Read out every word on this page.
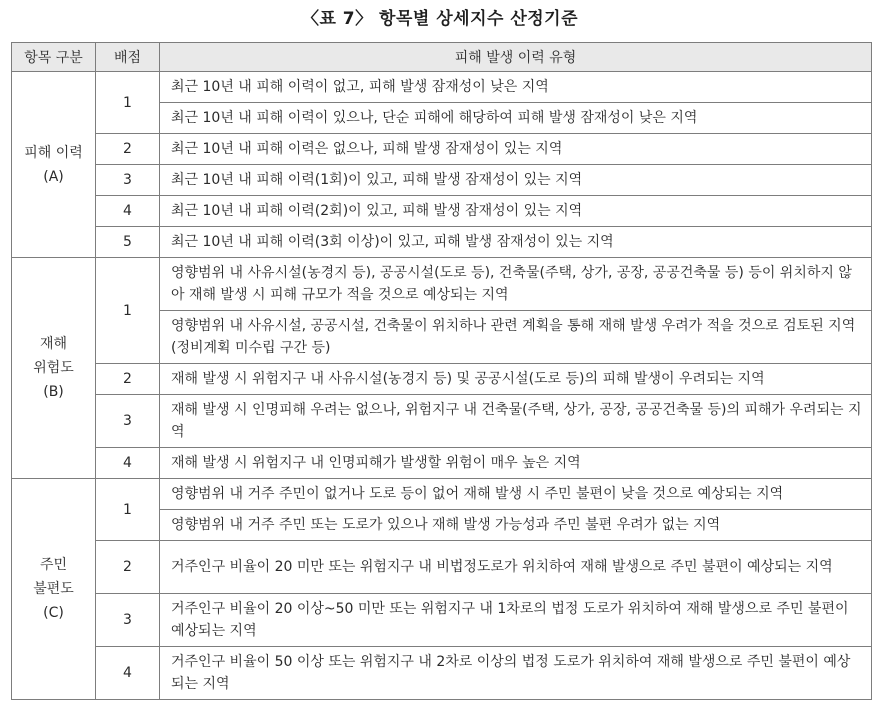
〈표 7〉 항목별 상세지수 산정기준
항목 구분	배점	피해 발생 이력 유형

피해 이력
(A)	1	최근 10년 내 피해 이력이 없고, 피해 발생 잠재성이 낮은 지역
		최근 10년 내 피해 이력이 있으나, 단순 피해에 해당하여 피해 발생 잠재성이 낮은 지역
	2	최근 10년 내 피해 이력은 없으나, 피해 발생 잠재성이 있는 지역
	3	최근 10년 내 피해 이력(1회)이 있고, 피해 발생 잠재성이 있는 지역
	4	최근 10년 내 피해 이력(2회)이 있고, 피해 발생 잠재성이 있는 지역
	5	최근 10년 내 피해 이력(3회 이상)이 있고, 피해 발생 잠재성이 있는 지역

재해
위험도
(B)	1	영향범위 내 사유시설(농경지 등), 공공시설(도로 등), 건축물(주택, 상가, 공장, 공공건축물 등) 등이 위치하지 않아 재해 발생 시 피해 규모가 적을 것으로 예상되는 지역
		영향범위 내 사유시설, 공공시설, 건축물이 위치하나 관련 계획을 통해 재해 발생 우려가 적을 것으로 검토된 지역(정비계획 미수립 구간 등)
	2	재해 발생 시 위험지구 내 사유시설(농경지 등) 및 공공시설(도로 등)의 피해 발생이 우려되는 지역
	3	재해 발생 시 인명피해 우려는 없으나, 위험지구 내 건축물(주택, 상가, 공장, 공공건축물 등)의 피해가 우려되는 지역
	4	재해 발생 시 위험지구 내 인명피해가 발생할 위험이 매우 높은 지역

주민
불편도
(C)	1	영향범위 내 거주 주민이 없거나 도로 등이 없어 재해 발생 시 주민 불편이 낮을 것으로 예상되는 지역
		영향범위 내 거주 주민 또는 도로가 있으나 재해 발생 가능성과 주민 불편 우려가 없는 지역
	2	거주인구 비율이 20 미만 또는 위험지구 내 비법정도로가 위치하여 재해 발생으로 주민 불편이 예상되는 지역
	3	거주인구 비율이 20 이상~50 미만 또는 위험지구 내 1차로의 법정 도로가 위치하여 재해 발생으로 주민 불편이 예상되는 지역
	4	거주인구 비율이 50 이상 또는 위험지구 내 2차로 이상의 법정 도로가 위치하여 재해 발생으로 주민 불편이 예상되는 지역
